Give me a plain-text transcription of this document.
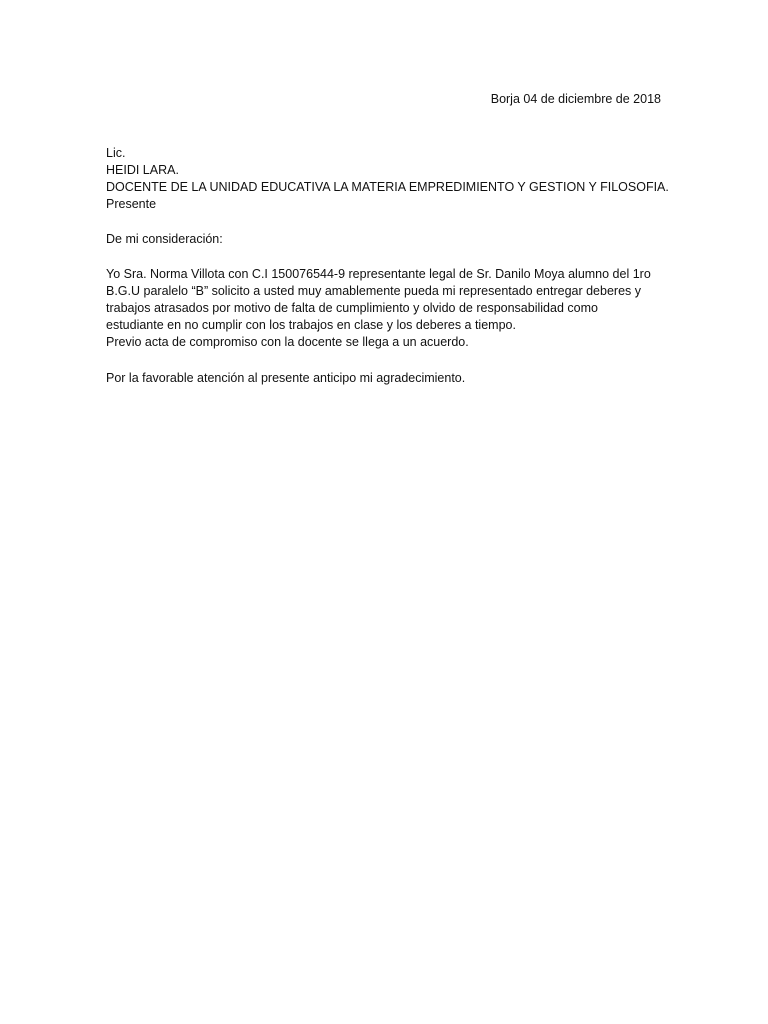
Borja 04 de diciembre de 2018
Lic.
HEIDI LARA.
DOCENTE DE LA UNIDAD EDUCATIVA LA MATERIA EMPREDIMIENTO Y GESTION Y FILOSOFIA.
Presente
De mi consideración:
Yo Sra. Norma Villota con C.I 150076544-9 representante legal de Sr. Danilo Moya alumno del 1ro
B.G.U paralelo “B” solicito a usted muy amablemente pueda mi representado entregar deberes y
trabajos atrasados por motivo de falta de cumplimiento y olvido de responsabilidad como
estudiante en no cumplir con los trabajos en clase y los deberes a tiempo.
Previo acta de compromiso con la docente se llega a un acuerdo.
Por la favorable atención al presente anticipo mi agradecimiento.
